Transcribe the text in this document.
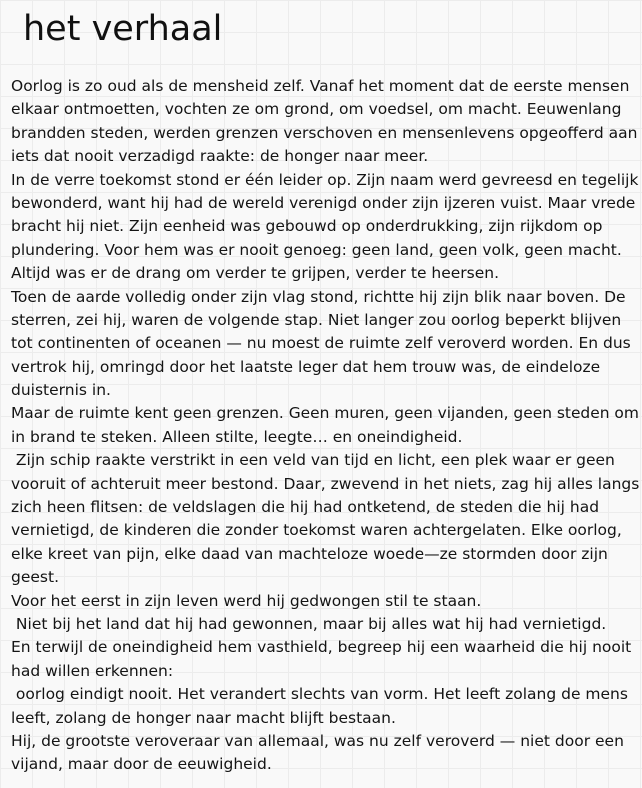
het verhaal
Oorlog is zo oud als de mensheid zelf. Vanaf het moment dat de eerste mensen
elkaar ontmoetten, vochten ze om grond, om voedsel, om macht. Eeuwenlang
brandden steden, werden grenzen verschoven en mensenlevens opgeofferd aan
iets dat nooit verzadigd raakte: de honger naar meer.
In de verre toekomst stond er één leider op. Zijn naam werd gevreesd en tegelijk
bewonderd, want hij had de wereld verenigd onder zijn ijzeren vuist. Maar vrede
bracht hij niet. Zijn eenheid was gebouwd op onderdrukking, zijn rijkdom op
plundering. Voor hem was er nooit genoeg: geen land, geen volk, geen macht.
Altijd was er de drang om verder te grijpen, verder te heersen.
Toen de aarde volledig onder zijn vlag stond, richtte hij zijn blik naar boven. De
sterren, zei hij, waren de volgende stap. Niet langer zou oorlog beperkt blijven
tot continenten of oceanen — nu moest de ruimte zelf veroverd worden. En dus
vertrok hij, omringd door het laatste leger dat hem trouw was, de eindeloze
duisternis in.
Maar de ruimte kent geen grenzen. Geen muren, geen vijanden, geen steden om
in brand te steken. Alleen stilte, leegte… en oneindigheid.
Zijn schip raakte verstrikt in een veld van tijd en licht, een plek waar er geen
vooruit of achteruit meer bestond. Daar, zwevend in het niets, zag hij alles langs
zich heen flitsen: de veldslagen die hij had ontketend, de steden die hij had
vernietigd, de kinderen die zonder toekomst waren achtergelaten. Elke oorlog,
elke kreet van pijn, elke daad van machteloze woede—ze stormden door zijn
geest.
Voor het eerst in zijn leven werd hij gedwongen stil te staan.
Niet bij het land dat hij had gewonnen, maar bij alles wat hij had vernietigd.
En terwijl de oneindigheid hem vasthield, begreep hij een waarheid die hij nooit
had willen erkennen:
oorlog eindigt nooit. Het verandert slechts van vorm. Het leeft zolang de mens
leeft, zolang de honger naar macht blijft bestaan.
Hij, de grootste veroveraar van allemaal, was nu zelf veroverd — niet door een
vijand, maar door de eeuwigheid.
